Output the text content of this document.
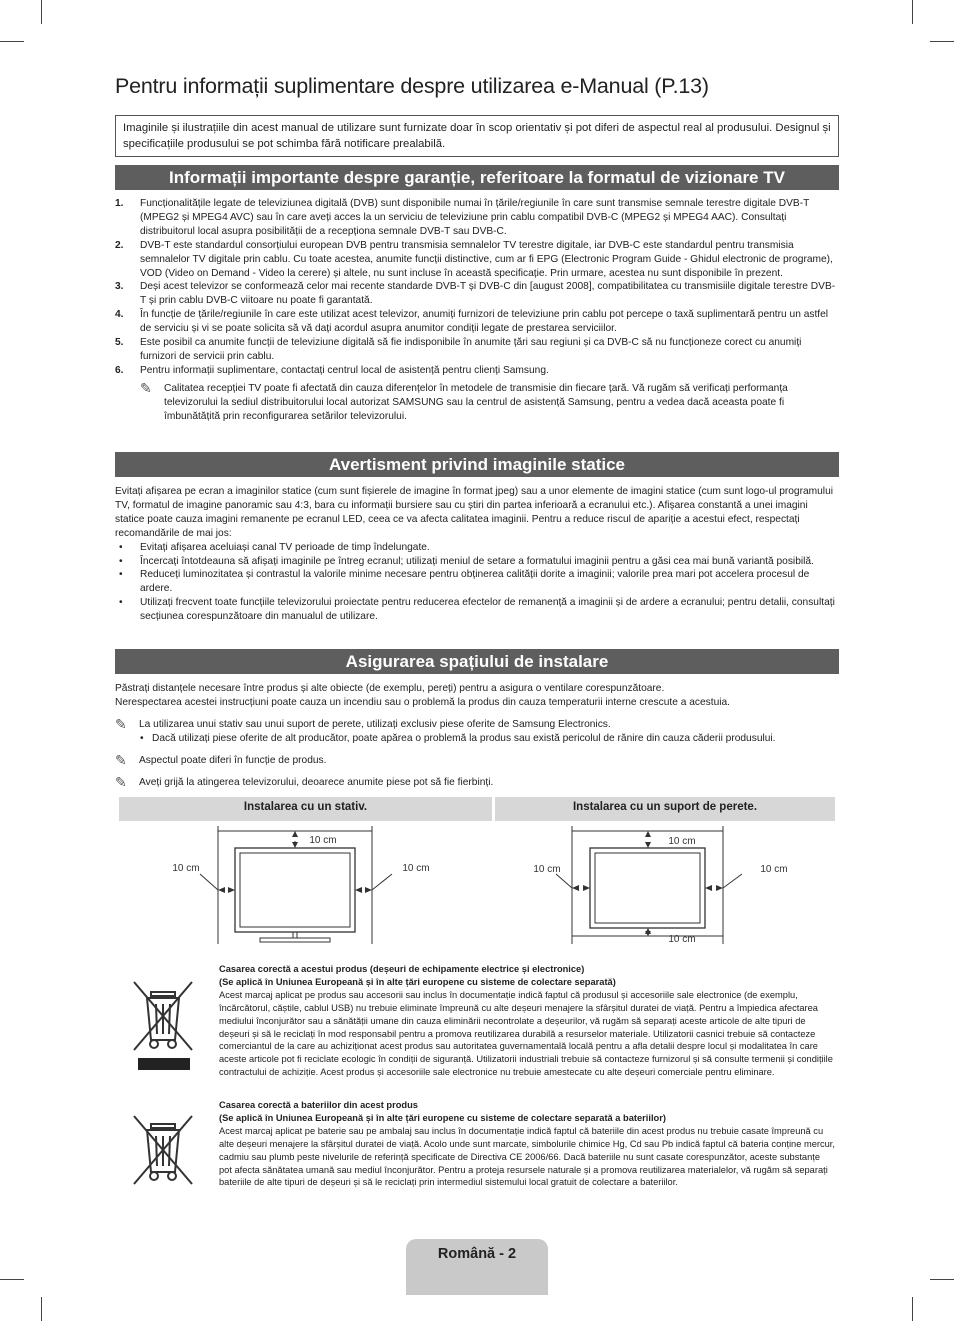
Pentru informații suplimentare despre utilizarea e-Manual (P.13)
Imaginile și ilustrațiile din acest manual de utilizare sunt furnizate doar în scop orientativ și pot diferi de aspectul real al produsului. Designul și specificațiile produsului se pot schimba fără notificare prealabilă.
Informații importante despre garanție, referitoare la formatul de vizionare TV
1.	Funcționalitățile legate de televiziunea digitală (DVB) sunt disponibile numai în țările/regiunile în care sunt transmise semnale terestre digitale DVB-T (MPEG2 și MPEG4 AVC) sau în care aveți acces la un serviciu de televiziune prin cablu compatibil DVB-C (MPEG2 și MPEG4 AAC). Consultați distribuitorul local asupra posibilității de a recepționa semnale DVB-T sau DVB-C.
2.	DVB-T este standardul consorțiului european DVB pentru transmisia semnalelor TV terestre digitale, iar DVB-C este standardul pentru transmisia semnalelor TV digitale prin cablu. Cu toate acestea, anumite funcții distinctive, cum ar fi EPG (Electronic Program Guide - Ghidul electronic de programe), VOD (Video on Demand - Video la cerere) și altele, nu sunt incluse în această specificație. Prin urmare, acestea nu sunt disponibile în prezent.
3.	Deși acest televizor se conformează celor mai recente standarde DVB-T și DVB-C din [august 2008], compatibilitatea cu transmisiile digitale terestre DVB-T și prin cablu DVB-C viitoare nu poate fi garantată.
4.	În funcție de țările/regiunile în care este utilizat acest televizor, anumiți furnizori de televiziune prin cablu pot percepe o taxă suplimentară pentru un astfel de serviciu și vi se poate solicita să vă dați acordul asupra anumitor condiții legate de prestarea serviciilor.
5.	Este posibil ca anumite funcții de televiziune digitală să fie indisponibile în anumite țări sau regiuni și ca DVB-C să nu funcționeze corect cu anumiți furnizori de servicii prin cablu.
6.	Pentru informații suplimentare, contactați centrul local de asistență pentru clienți Samsung.
✎	Calitatea recepției TV poate fi afectată din cauza diferențelor în metodele de transmisie din fiecare țară. Vă rugăm să verificați performanța televizorului la sediul distribuitorului local autorizat SAMSUNG sau la centrul de asistență Samsung, pentru a vedea dacă aceasta poate fi îmbunătățită prin reconfigurarea setărilor televizorului.
Avertisment privind imaginile statice
Evitați afișarea pe ecran a imaginilor statice (cum sunt fișierele de imagine în format jpeg) sau a unor elemente de imagini statice (cum sunt logo-ul programului TV, formatul de imagine panoramic sau 4:3, bara cu informații bursiere sau cu știri din partea inferioară a ecranului etc.). Afișarea constantă a unei imagini statice poate cauza imagini remanente pe ecranul LED, ceea ce va afecta calitatea imaginii. Pentru a reduce riscul de apariție a acestui efect, respectați recomandările de mai jos:
•	Evitați afișarea aceluiași canal TV perioade de timp îndelungate.
•	Încercați întotdeauna să afișați imaginile pe întreg ecranul; utilizați meniul de setare a formatului imaginii pentru a găsi cea mai bună variantă posibilă.
•	Reduceți luminozitatea și contrastul la valorile minime necesare pentru obținerea calității dorite a imaginii; valorile prea mari pot accelera procesul de ardere.
•	Utilizați frecvent toate funcțiile televizorului proiectate pentru reducerea efectelor de remanență a imaginii și de ardere a ecranului; pentru detalii, consultați secțiunea corespunzătoare din manualul de utilizare.
Asigurarea spațiului de instalare
Păstrați distanțele necesare între produs și alte obiecte (de exemplu, pereți) pentru a asigura o ventilare corespunzătoare.
Nerespectarea acestei instrucțiuni poate cauza un incendiu sau o problemă la produs din cauza temperaturii interne crescute a acestuia.
✎	La utilizarea unui stativ sau unui suport de perete, utilizați exclusiv piese oferite de Samsung Electronics.
• Dacă utilizați piese oferite de alt producător, poate apărea o problemă la produs sau există pericolul de rănire din cauza căderii produsului.
✎	Aspectul poate diferi în funcție de produs.
✎	Aveți grijă la atingerea televizorului, deoarece anumite piese pot să fie fierbinți.
Instalarea cu un stativ.	Instalarea cu un suport de perete.
10 cm
10 cm	10 cm
10 cm
10 cm	10 cm
10 cm
Casarea corectă a acestui produs (deșeuri de echipamente electrice și electronice)
(Se aplică în Uniunea Europeană și în alte țări europene cu sisteme de colectare separată)
Acest marcaj aplicat pe produs sau accesorii sau inclus în documentație indică faptul că produsul și accesoriile sale electronice (de exemplu, încărcătorul, căștile, cablul USB) nu trebuie eliminate împreună cu alte deșeuri menajere la sfârșitul duratei de viață. Pentru a împiedica afectarea mediului înconjurător sau a sănătății umane din cauza eliminării necontrolate a deșeurilor, vă rugăm să separați aceste articole de alte tipuri de deșeuri și să le reciclați în mod responsabil pentru a promova reutilizarea durabilă a resurselor materiale. Utilizatorii casnici trebuie să contacteze comerciantul de la care au achiziționat acest produs sau autoritatea guvernamentală locală pentru a afla detalii despre locul și modalitatea în care aceste articole pot fi reciclate ecologic în condiții de siguranță. Utilizatorii industriali trebuie să contacteze furnizorul și să consulte termenii și condițiile contractului de achiziție. Acest produs și accesoriile sale electronice nu trebuie amestecate cu alte deșeuri comerciale pentru eliminare.
Casarea corectă a bateriilor din acest produs
(Se aplică în Uniunea Europeană și în alte țări europene cu sisteme de colectare separată a bateriilor)
Acest marcaj aplicat pe baterie sau pe ambalaj sau inclus în documentație indică faptul că bateriile din acest produs nu trebuie casate împreună cu alte deșeuri menajere la sfârșitul duratei de viață. Acolo unde sunt marcate, simbolurile chimice Hg, Cd sau Pb indică faptul că bateria conține mercur, cadmiu sau plumb peste nivelurile de referință specificate de Directiva CE 2006/66. Dacă bateriile nu sunt casate corespunzător, aceste substanțe pot afecta sănătatea umană sau mediul înconjurător. Pentru a proteja resursele naturale și a promova reutilizarea materialelor, vă rugăm să separați bateriile de alte tipuri de deșeuri și să le reciclați prin intermediul sistemului local gratuit de colectare a bateriilor.
Română - 2
